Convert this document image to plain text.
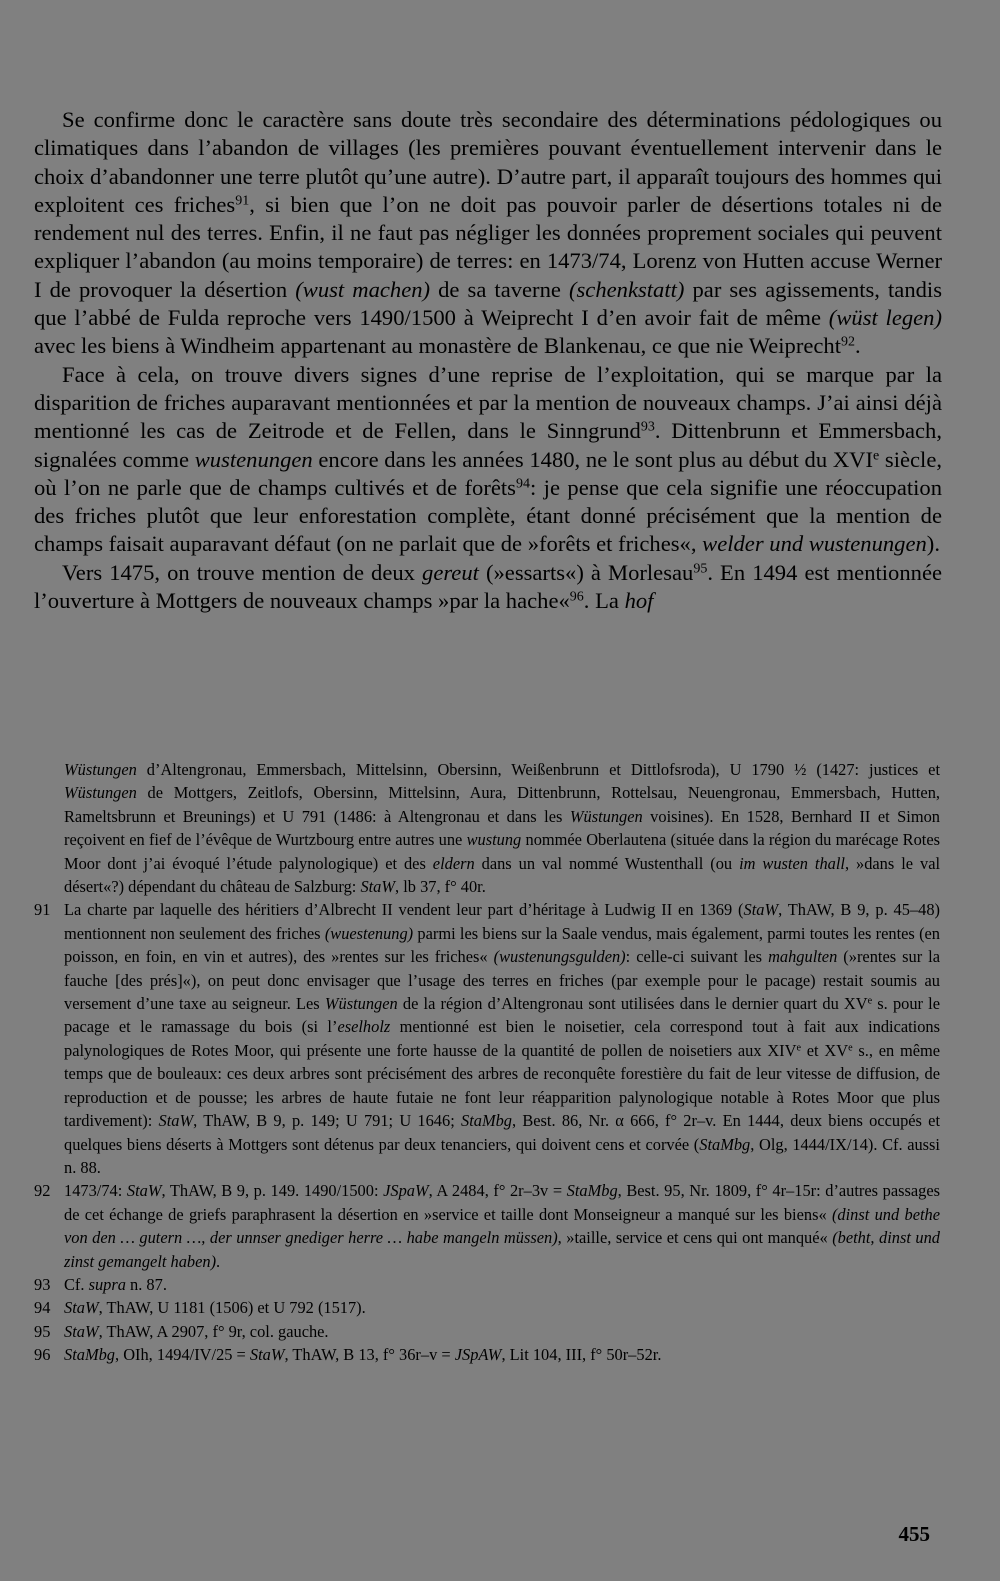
Se confirme donc le caractère sans doute très secondaire des déterminations pédologiques ou climatiques dans l’abandon de villages (les premières pouvant éventuellement intervenir dans le choix d’abandonner une terre plutôt qu’une autre). D’autre part, il apparaît toujours des hommes qui exploitent ces friches$^{91}$, si bien que l’on ne doit pas pouvoir parler de désertions totales ni de rendement nul des terres. Enfin, il ne faut pas négliger les données proprement sociales qui peuvent expliquer l’abandon (au moins temporaire) de terres: en 1473/74, Lorenz von Hutten accuse Werner I de provoquer la désertion (wust machen) de sa taverne (schenkstatt) par ses agissements, tandis que l’abbé de Fulda reproche vers 1490/1500 à Weiprecht I d’en avoir fait de même (wüst legen) avec les biens à Windheim appartenant au monastère de Blankenau, ce que nie Weiprecht$^{92}$.

Face à cela, on trouve divers signes d’une reprise de l’exploitation, qui se marque par la disparition de friches auparavant mentionnées et par la mention de nouveaux champs. J’ai ainsi déjà mentionné les cas de Zeitrode et de Fellen, dans le Sinngrund$^{93}$. Dittenbrunn et Emmersbach, signalées comme wustenungen encore dans les années 1480, ne le sont plus au début du XVIe siècle, où l’on ne parle que de champs cultivés et de forêts$^{94}$: je pense que cela signifie une réoccupation des friches plutôt que leur enforestation complète, étant donné précisément que la mention de champs faisait auparavant défaut (on ne parlait que de »forêts et friches«, welder und wustenungen).

Vers 1475, on trouve mention de deux gereut (»essarts«) à Morlesau$^{95}$. En 1494 est mentionnée l’ouverture à Mottgers de nouveaux champs »par la hache«$^{96}$. La hof

Wüstungen d’Altengronau, Emmersbach, Mittelsinn, Obersinn, Weißenbrunn et Dittlofsroda), U 1790 ½ (1427: justices et Wüstungen de Mottgers, Zeitlofs, Obersinn, Mittelsinn, Aura, Dittenbrunn, Rottelsau, Neuengronau, Emmersbach, Hutten, Rameltsbrunn et Breunings) et U 791 (1486: à Altengronau et dans les Wüstungen voisines). En 1528, Bernhard II et Simon reçoivent en fief de l’évêque de Wurtzbourg entre autres une wustung nommée Oberlautena (située dans la région du marécage Rotes Moor dont j’ai évoqué l’étude palynologique) et des eldern dans un val nommé Wustenthall (ou im wusten thall, »dans le val désert«?) dépendant du château de Salzburg: StaW, lb 37, f° 40r.
91 La charte par laquelle des héritiers d’Albrecht II vendent leur part d’héritage à Ludwig II en 1369 (StaW, ThAW, B 9, p. 45–48) mentionnent non seulement des friches (wuestenung) parmi les biens sur la Saale vendus, mais également, parmi toutes les rentes (en poisson, en foin, en vin et autres), des »rentes sur les friches« (wustenungsgulden): celle-ci suivant les mahgulten (»rentes sur la fauche [des prés]«), on peut donc envisager que l’usage des terres en friches (par exemple pour le pacage) restait soumis au versement d’une taxe au seigneur. Les Wüstungen de la région d’Altengronau sont utilisées dans le dernier quart du XVe s. pour le pacage et le ramassage du bois (si l’eselholz mentionné est bien le noisetier, cela correspond tout à fait aux indications palynologiques de Rotes Moor, qui présente une forte hausse de la quantité de pollen de noisetiers aux XIVe et XVe s., en même temps que de bouleaux: ces deux arbres sont précisément des arbres de reconquête forestière du fait de leur vitesse de diffusion, de reproduction et de pousse; les arbres de haute futaie ne font leur réapparition palynologique notable à Rotes Moor que plus tardivement): StaW, ThAW, B 9, p. 149; U 791; U 1646; StaMbg, Best. 86, Nr. α 666, f° 2r–v. En 1444, deux biens occupés et quelques biens déserts à Mottgers sont détenus par deux tenanciers, qui doivent cens et corvée (StaMbg, Olg, 1444/IX/14). Cf. aussi n. 88.
92 1473/74: StaW, ThAW, B 9, p. 149. 1490/1500: JSpaW, A 2484, f° 2r–3v = StaMbg, Best. 95, Nr. 1809, f° 4r–15r: d’autres passages de cet échange de griefs paraphrasent la désertion en »service et taille dont Monseigneur a manqué sur les biens« (dinst und bethe von den … gutern …, der unnser gnediger herre … habe mangeln müssen), »taille, service et cens qui ont manqué« (betht, dinst und zinst gemangelt haben).
93 Cf. supra n. 87.
94 StaW, ThAW, U 1181 (1506) et U 792 (1517).
95 StaW, ThAW, A 2907, f° 9r, col. gauche.
96 StaMbg, OIh, 1494/IV/25 = StaW, ThAW, B 13, f° 36r–v = JSpAW, Lit 104, III, f° 50r–52r.
455
